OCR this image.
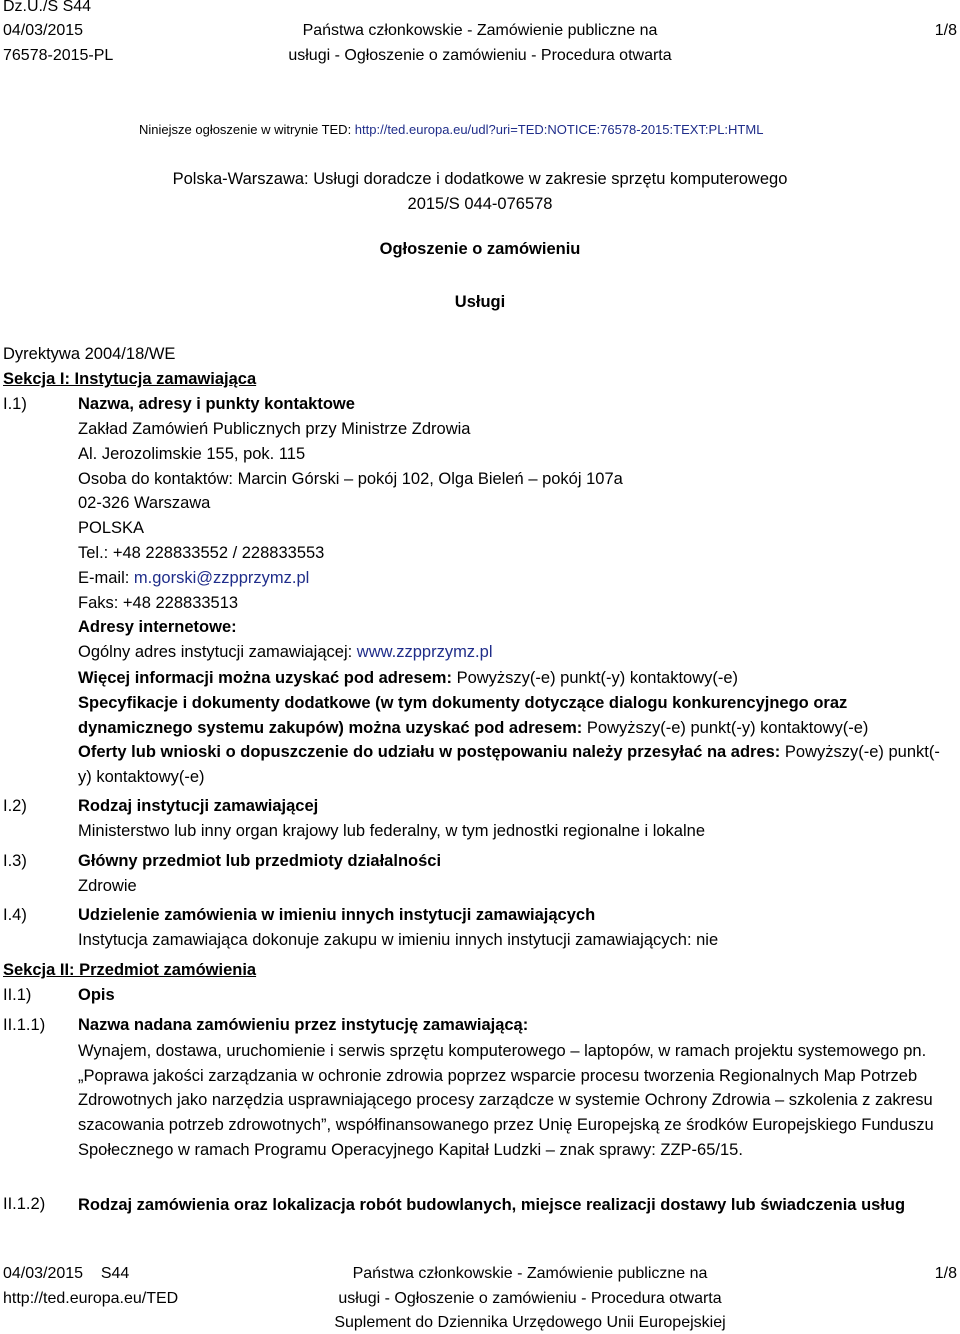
Dz.U./S S44
04/03/2015
76578-2015-PL
Państwa członkowskie - Zamówienie publiczne na
usługi - Ogłoszenie o zamówieniu - Procedura otwarta
1/8
Niniejsze ogłoszenie w witrynie TED: http://ted.europa.eu/udl?uri=TED:NOTICE:76578-2015:TEXT:PL:HTML
Polska-Warszawa: Usługi doradcze i dodatkowe w zakresie sprzętu komputerowego
2015/S 044-076578
Ogłoszenie o zamówieniu
Usługi
Dyrektywa 2004/18/WE
Sekcja I: Instytucja zamawiająca
I.1)	Nazwa, adresy i punkty kontaktowe
Zakład Zamówień Publicznych przy Ministrze Zdrowia
Al. Jerozolimskie 155, pok. 115
Osoba do kontaktów: Marcin Górski – pokój 102, Olga Bieleń – pokój 107a
02-326 Warszawa
POLSKA
Tel.: +48 228833552 / 228833553
E-mail: m.gorski@zzpprzymz.pl
Faks: +48 228833513
Adresy internetowe:
Ogólny adres instytucji zamawiającej: www.zzpprzymz.pl
Więcej informacji można uzyskać pod adresem: Powyższy(-e) punkt(-y) kontaktowy(-e)
Specyfikacje i dokumenty dodatkowe (w tym dokumenty dotyczące dialogu konkurencyjnego oraz dynamicznego systemu zakupów) można uzyskać pod adresem: Powyższy(-e) punkt(-y) kontaktowy(-e)
Oferty lub wnioski o dopuszczenie do udziału w postępowaniu należy przesyłać na adres: Powyższy(-e) punkt(-y) kontaktowy(-e)
I.2)	Rodzaj instytucji zamawiającej
Ministerstwo lub inny organ krajowy lub federalny, w tym jednostki regionalne i lokalne
I.3)	Główny przedmiot lub przedmioty działalności
Zdrowie
I.4)	Udzielenie zamówienia w imieniu innych instytucji zamawiających
Instytucja zamawiająca dokonuje zakupu w imieniu innych instytucji zamawiających: nie
Sekcja II: Przedmiot zamówienia
II.1)	Opis
II.1.1) Nazwa nadana zamówieniu przez instytucję zamawiającą:
Wynajem, dostawa, uruchomienie i serwis sprzętu komputerowego – laptopów, w ramach projektu systemowego pn. „Poprawa jakości zarządzania w ochronie zdrowia poprzez wsparcie procesu tworzenia Regionalnych Map Potrzeb Zdrowotnych jako narzędzia usprawniającego procesy zarządcze w systemie Ochrony Zdrowia – szkolenia z zakresu szacowania potrzeb zdrowotnych”, współfinansowanego przez Unię Europejską ze środków Europejskiego Funduszu Społecznego w ramach Programu Operacyjnego Kapitał Ludzki – znak sprawy: ZZP-65/15.
II.1.2) Rodzaj zamówienia oraz lokalizacja robót budowlanych, miejsce realizacji dostawy lub świadczenia usług
04/03/2015 S44
http://ted.europa.eu/TED
Państwa członkowskie - Zamówienie publiczne na
usługi - Ogłoszenie o zamówieniu - Procedura otwarta
Suplement do Dziennika Urzędowego Unii Europejskiej
1/8
